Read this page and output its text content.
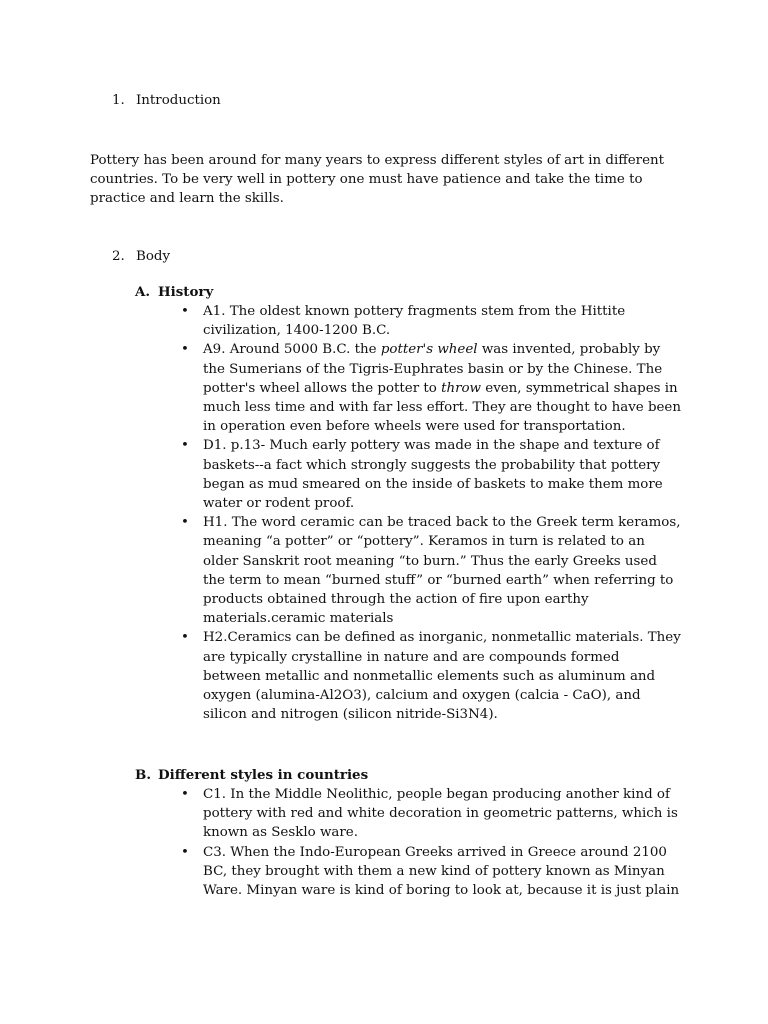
1. Introduction

Pottery has been around for many years to express different styles of art in different countries. To be very well in pottery one must have patience and take the time to practice and learn the skills.

2. Body
A. History
•	A1. The oldest known pottery fragments stem from the Hittite civilization, 1400-1200 B.C.
•	A9. Around 5000 B.C. the potter's wheel was invented, probably by the Sumerians of the Tigris-Euphrates basin or by the Chinese. The potter's wheel allows the potter to throw even, symmetrical shapes in much less time and with far less effort. They are thought to have been in operation even before wheels were used for transportation.
•	D1. p.13- Much early pottery was made in the shape and texture of baskets--a fact which strongly suggests the probability that pottery began as mud smeared on the inside of baskets to make them more water or rodent proof.
•	H1. The word ceramic can be traced back to the Greek term keramos, meaning “a potter” or “pottery”. Keramos in turn is related to an older Sanskrit root meaning “to burn.” Thus the early Greeks used the term to mean “burned stuff” or “burned earth” when referring to products obtained through the action of fire upon earthy materials.ceramic materials
•	H2.Ceramics can be defined as inorganic, nonmetallic materials. They are typically crystalline in nature and are compounds formed between metallic and nonmetallic elements such as aluminum and oxygen (alumina-Al2O3), calcium and oxygen (calcia - CaO), and silicon and nitrogen (silicon nitride-Si3N4).
B. Different styles in countries
•	C1. In the Middle Neolithic, people began producing another kind of pottery with red and white decoration in geometric patterns, which is known as Sesklo ware.
•	C3. When the Indo-European Greeks arrived in Greece around 2100 BC, they brought with them a new kind of pottery known as Minyan Ware. Minyan ware is kind of boring to look at, because it is just plain
